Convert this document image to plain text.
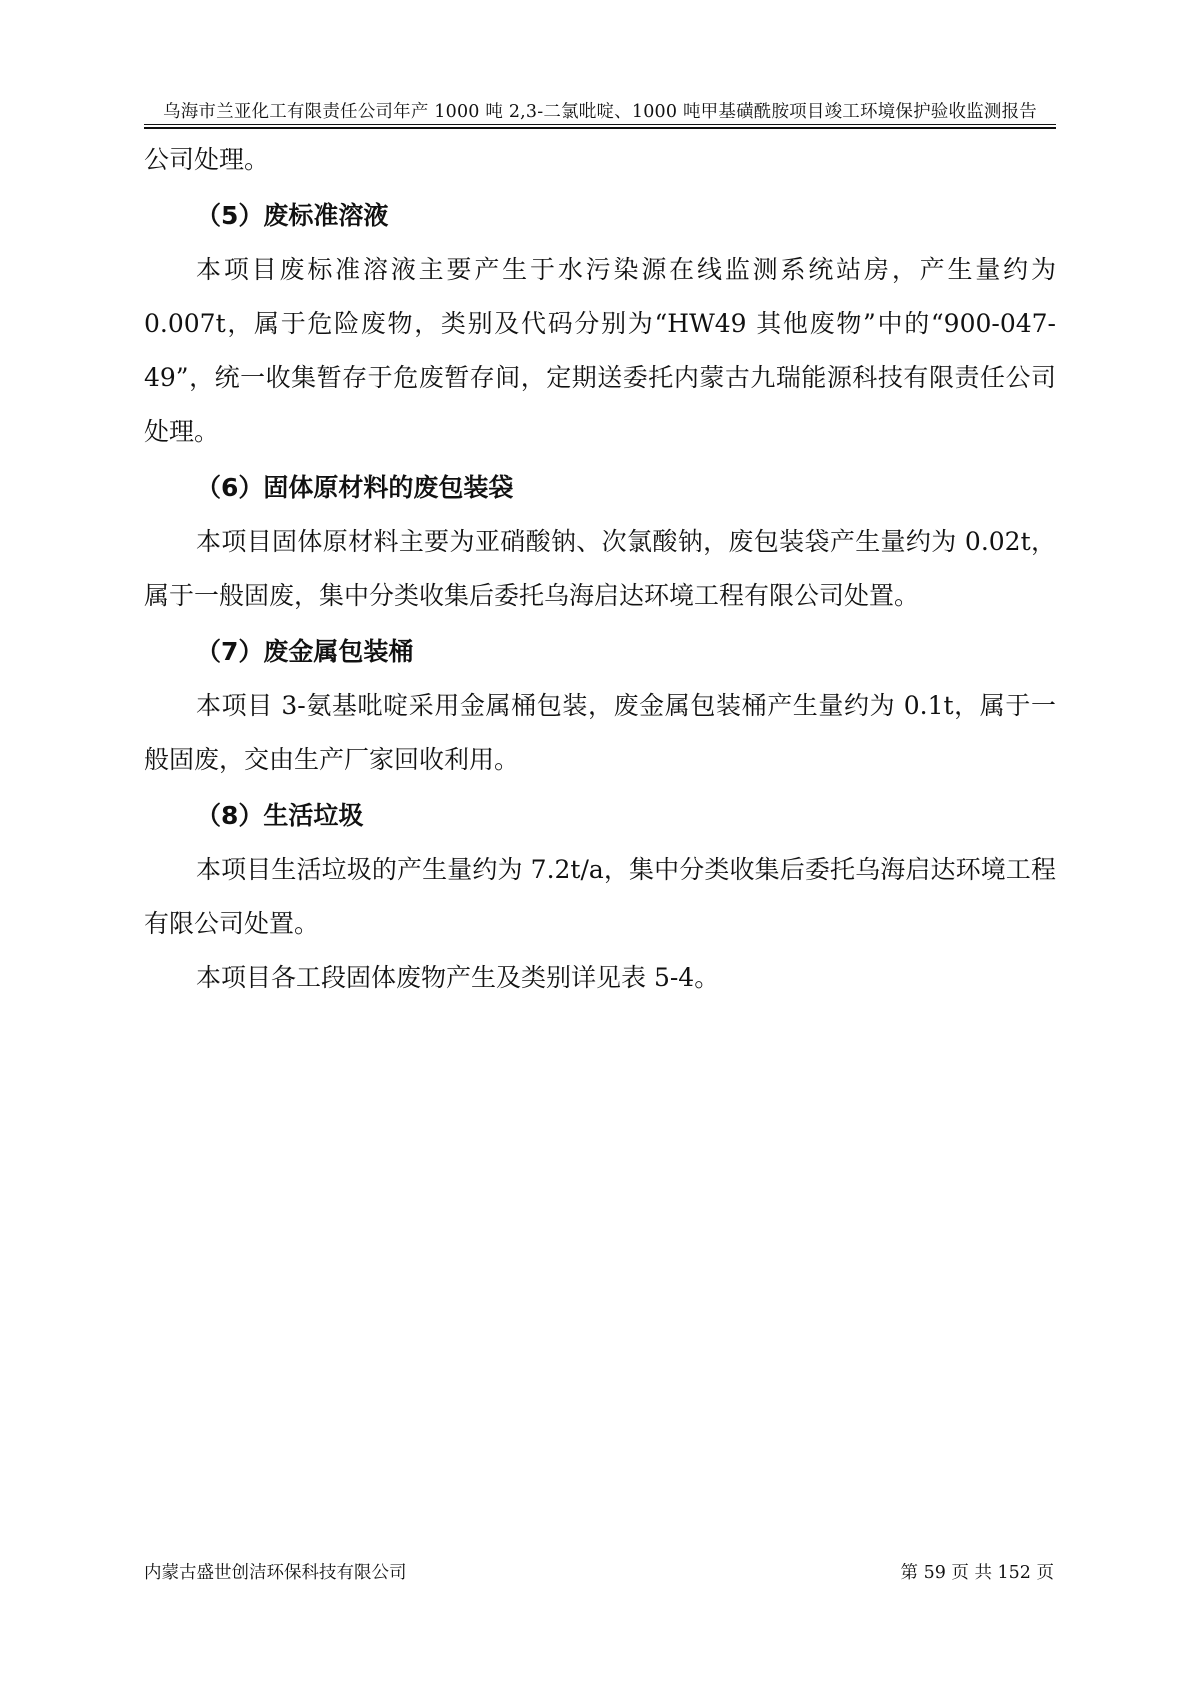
乌海市兰亚化工有限责任公司年产 1000 吨 2,3-二氯吡啶、1000 吨甲基磺酰胺项目竣工环境保护验收监测报告

公司处理。

（5）废标准溶液

本项目废标准溶液主要产生于水污染源在线监测系统站房，产生量约为 0.007t，属于危险废物，类别及代码分别为“HW49 其他废物”中的“900-047-49”，统一收集暂存于危废暂存间，定期送委托内蒙古九瑞能源科技有限责任公司处理。

（6）固体原材料的废包装袋

本项目固体原材料主要为亚硝酸钠、次氯酸钠，废包装袋产生量约为 0.02t，属于一般固废，集中分类收集后委托乌海启达环境工程有限公司处置。

（7）废金属包装桶

本项目 3-氨基吡啶采用金属桶包装，废金属包装桶产生量约为 0.1t，属于一般固废，交由生产厂家回收利用。

（8）生活垃圾

本项目生活垃圾的产生量约为 7.2t/a，集中分类收集后委托乌海启达环境工程有限公司处置。

本项目各工段固体废物产生及类别详见表 5-4。

内蒙古盛世创洁环保科技有限公司	第 59 页 共 152 页
